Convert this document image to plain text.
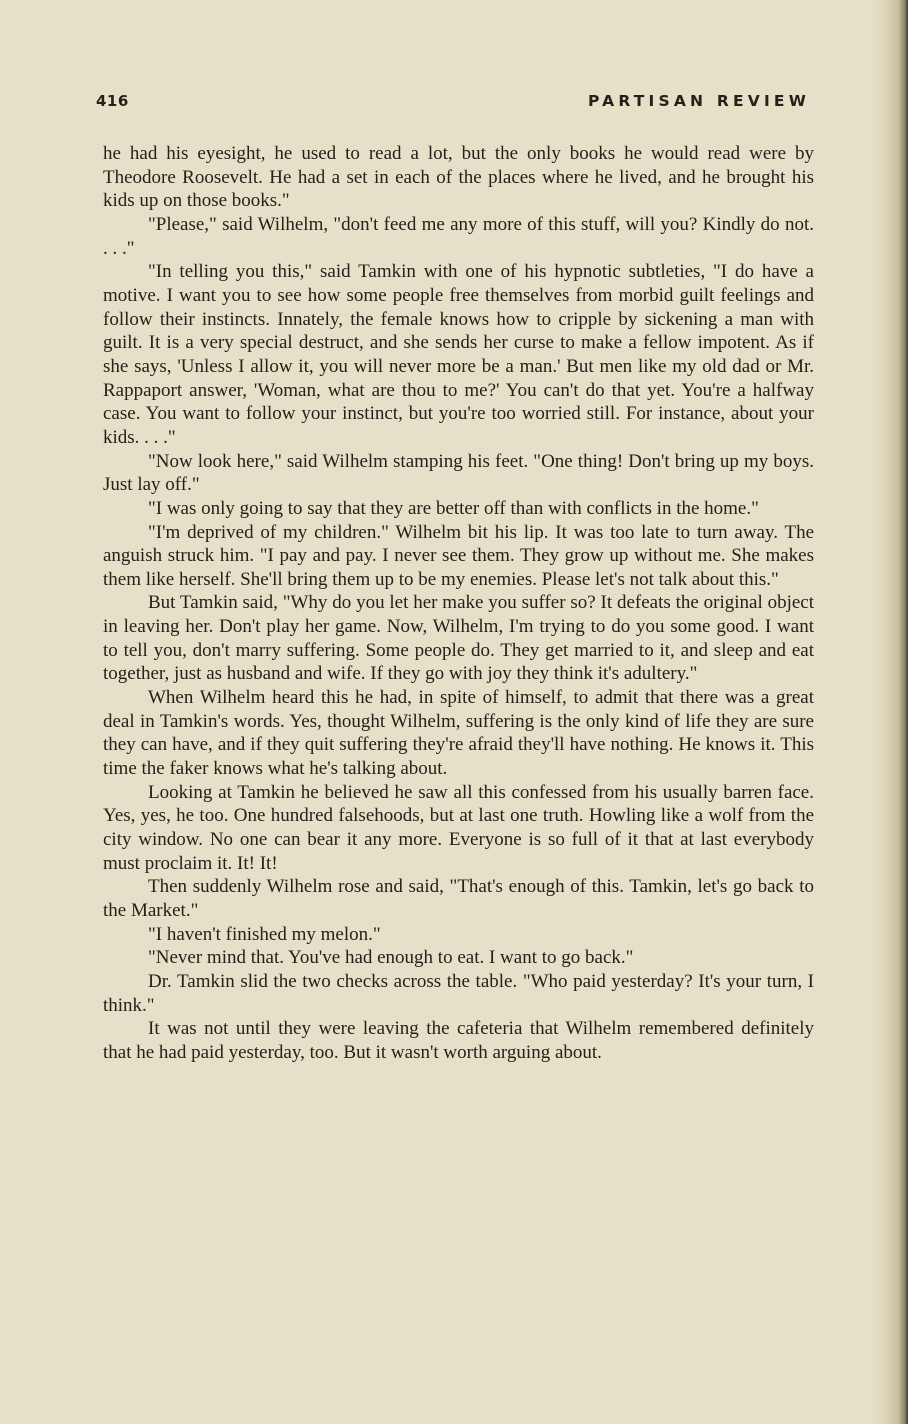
416	PARTISAN REVIEW

he had his eyesight, he used to read a lot, but the only books he would read were by Theodore Roosevelt. He had a set in each of the places where he lived, and he brought his kids up on those books."

"Please," said Wilhelm, "don't feed me any more of this stuff, will you? Kindly do not. . . ."

"In telling you this," said Tamkin with one of his hypnotic subtleties, "I do have a motive. I want you to see how some people free themselves from morbid guilt feelings and follow their instincts. Innately, the female knows how to cripple by sickening a man with guilt. It is a very special destruct, and she sends her curse to make a fellow impotent. As if she says, 'Unless I allow it, you will never more be a man.' But men like my old dad or Mr. Rappaport answer, 'Woman, what are thou to me?' You can't do that yet. You're a halfway case. You want to follow your instinct, but you're too worried still. For instance, about your kids. . . ."

"Now look here," said Wilhelm stamping his feet. "One thing! Don't bring up my boys. Just lay off."

"I was only going to say that they are better off than with conflicts in the home."

"I'm deprived of my children." Wilhelm bit his lip. It was too late to turn away. The anguish struck him. "I pay and pay. I never see them. They grow up without me. She makes them like herself. She'll bring them up to be my enemies. Please let's not talk about this."

But Tamkin said, "Why do you let her make you suffer so? It defeats the original object in leaving her. Don't play her game. Now, Wilhelm, I'm trying to do you some good. I want to tell you, don't marry suffering. Some people do. They get married to it, and sleep and eat together, just as husband and wife. If they go with joy they think it's adultery."

When Wilhelm heard this he had, in spite of himself, to admit that there was a great deal in Tamkin's words. Yes, thought Wilhelm, suffering is the only kind of life they are sure they can have, and if they quit suffering they're afraid they'll have nothing. He knows it. This time the faker knows what he's talking about.

Looking at Tamkin he believed he saw all this confessed from his usually barren face. Yes, yes, he too. One hundred falsehoods, but at last one truth. Howling like a wolf from the city window. No one can bear it any more. Everyone is so full of it that at last everybody must proclaim it. It! It!

Then suddenly Wilhelm rose and said, "That's enough of this. Tamkin, let's go back to the Market."

"I haven't finished my melon."

"Never mind that. You've had enough to eat. I want to go back."

Dr. Tamkin slid the two checks across the table. "Who paid yesterday? It's your turn, I think."

It was not until they were leaving the cafeteria that Wilhelm remembered definitely that he had paid yesterday, too. But it wasn't worth arguing about.
